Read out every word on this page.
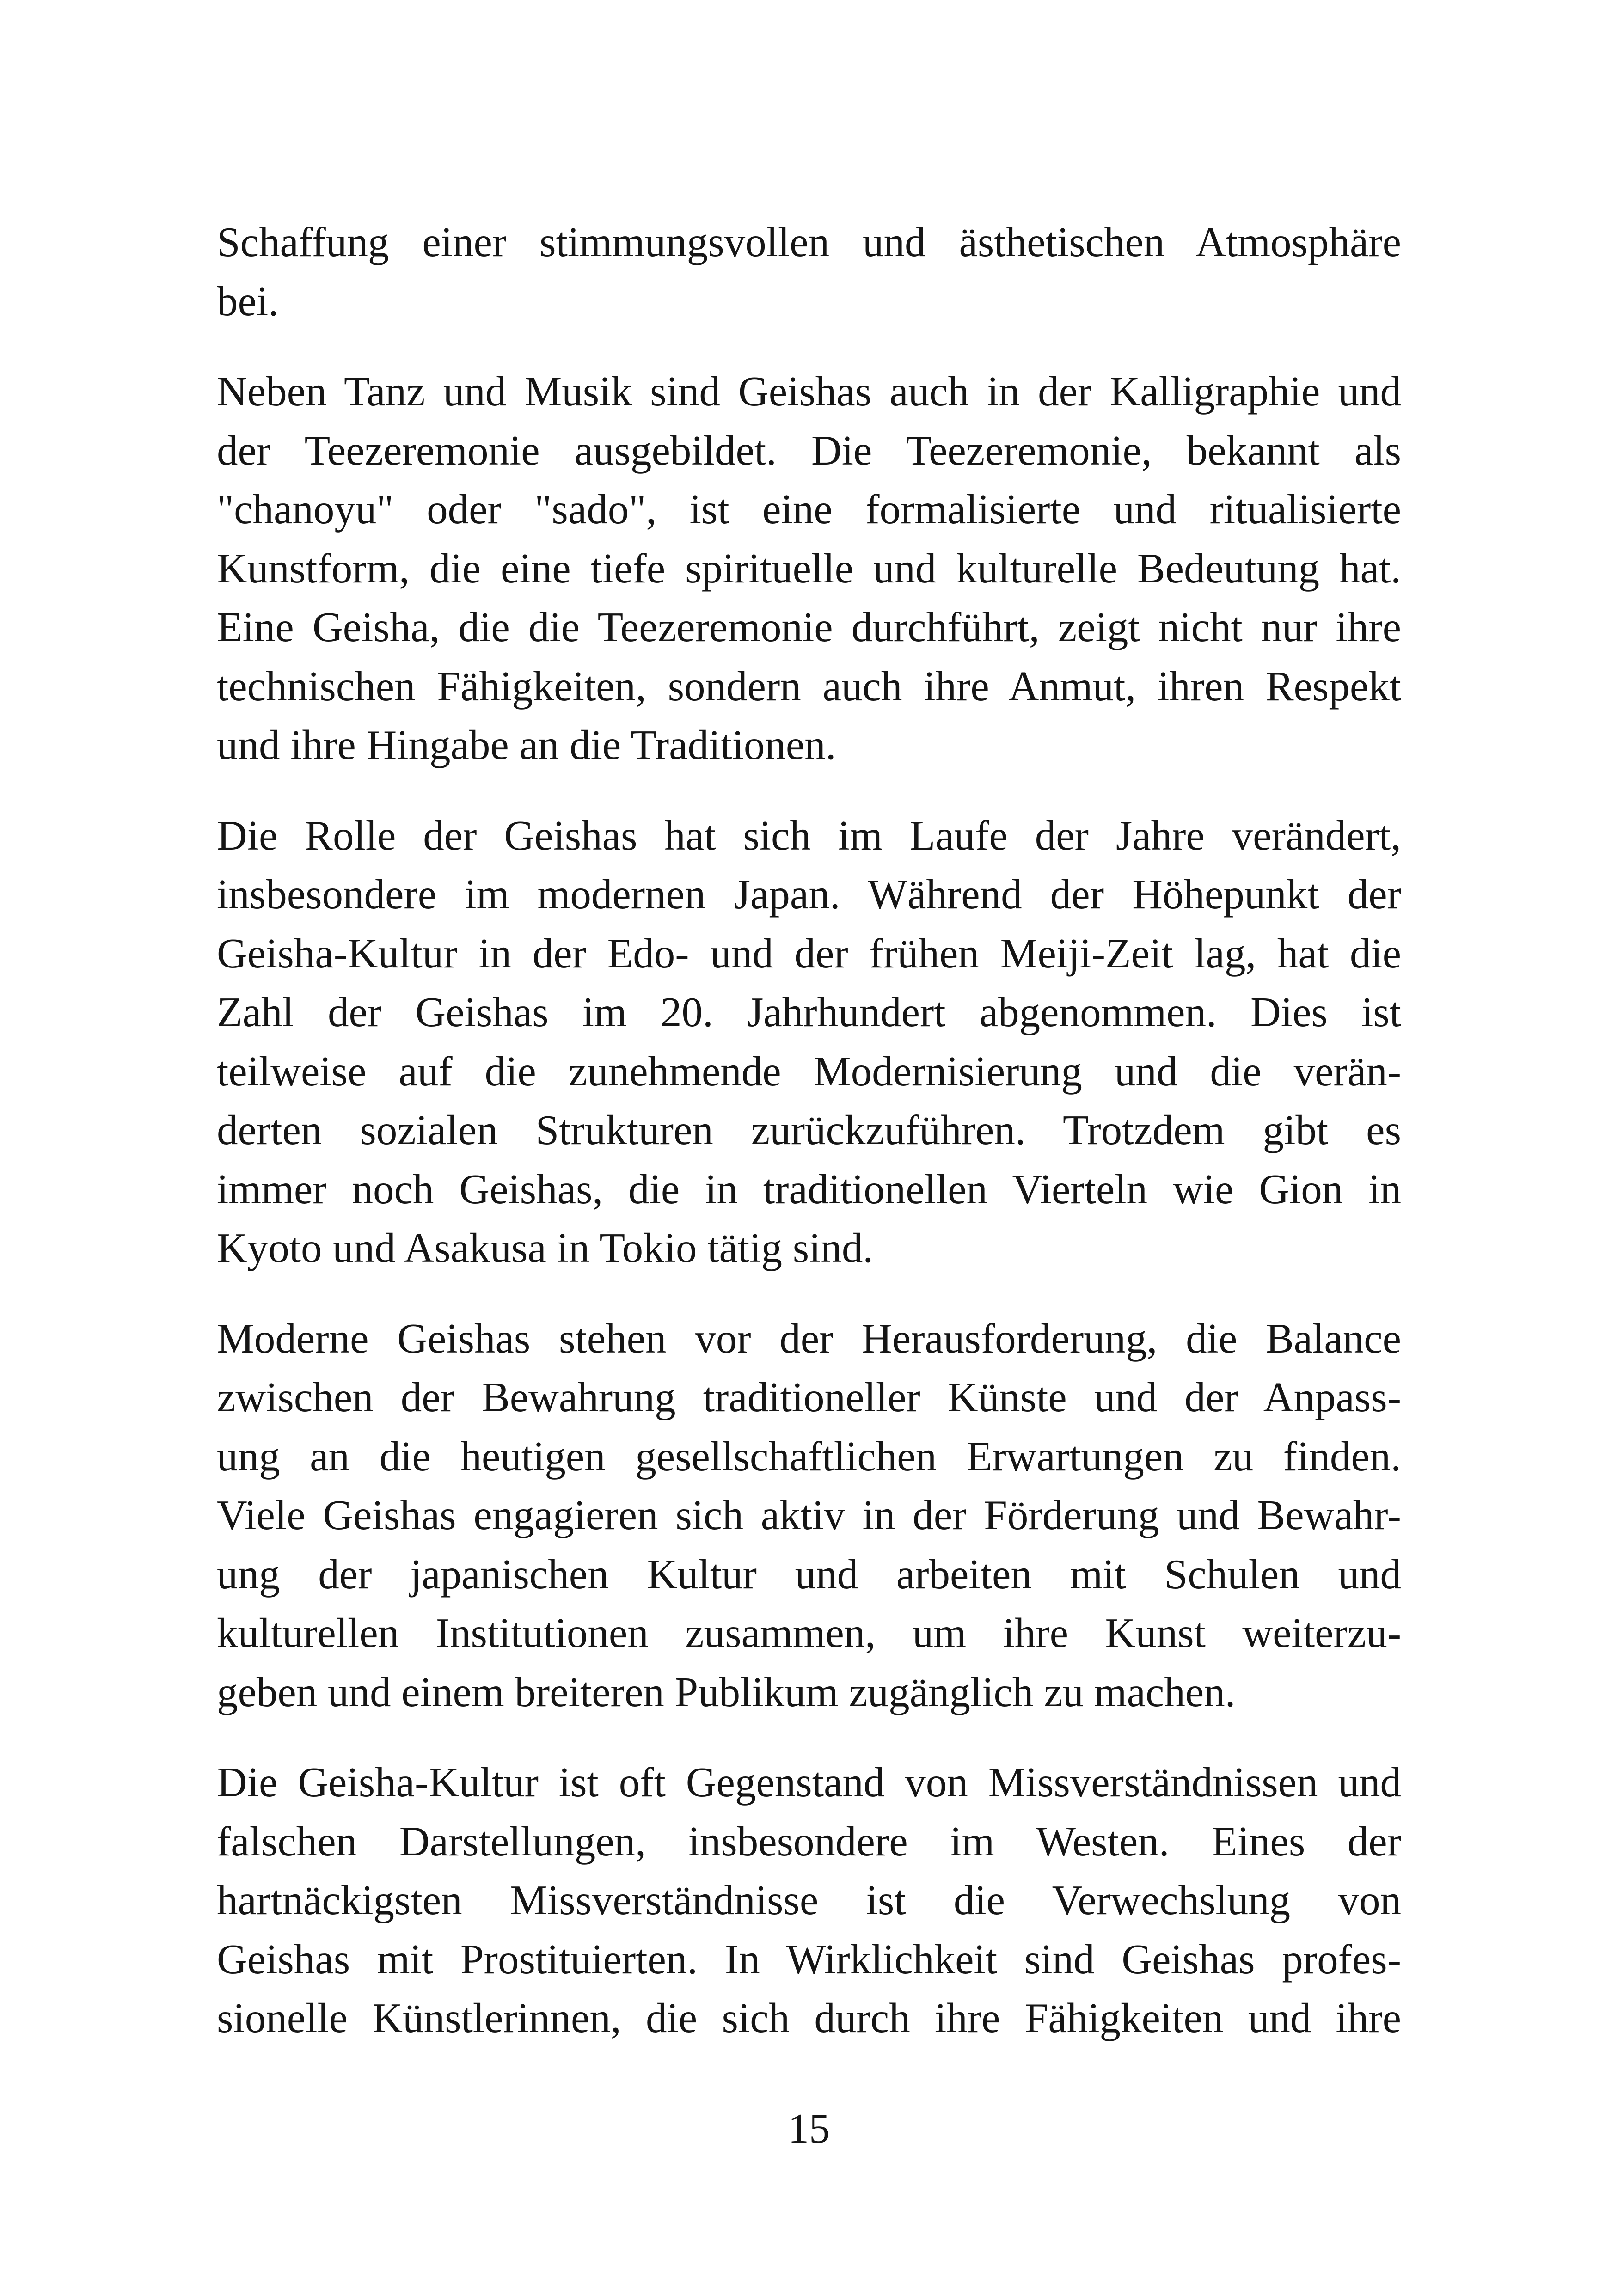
Schaffung einer stimmungsvollen und ästhetischen Atmosphäre
bei.
Neben Tanz und Musik sind Geishas auch in der Kalligraphie und
der Teezeremonie ausgebildet. Die Teezeremonie, bekannt als
"chanoyu" oder "sado", ist eine formalisierte und ritualisierte
Kunstform, die eine tiefe spirituelle und kulturelle Bedeutung hat.
Eine Geisha, die die Teezeremonie durchführt, zeigt nicht nur ihre
technischen Fähigkeiten, sondern auch ihre Anmut, ihren Respekt
und ihre Hingabe an die Traditionen.
Die Rolle der Geishas hat sich im Laufe der Jahre verändert,
insbesondere im modernen Japan. Während der Höhepunkt der
Geisha-Kultur in der Edo- und der frühen Meiji-Zeit lag, hat die
Zahl der Geishas im 20. Jahrhundert abgenommen. Dies ist
teilweise auf die zunehmende Modernisierung und die verän-
derten sozialen Strukturen zurückzuführen. Trotzdem gibt es
immer noch Geishas, die in traditionellen Vierteln wie Gion in
Kyoto und Asakusa in Tokio tätig sind.
Moderne Geishas stehen vor der Herausforderung, die Balance
zwischen der Bewahrung traditioneller Künste und der Anpass-
ung an die heutigen gesellschaftlichen Erwartungen zu finden.
Viele Geishas engagieren sich aktiv in der Förderung und Bewahr-
ung der japanischen Kultur und arbeiten mit Schulen und
kulturellen Institutionen zusammen, um ihre Kunst weiterzu-
geben und einem breiteren Publikum zugänglich zu machen.
Die Geisha-Kultur ist oft Gegenstand von Missverständnissen und
falschen Darstellungen, insbesondere im Westen. Eines der
hartnäckigsten Missverständnisse ist die Verwechslung von
Geishas mit Prostituierten. In Wirklichkeit sind Geishas profes-
sionelle Künstlerinnen, die sich durch ihre Fähigkeiten und ihre
15
